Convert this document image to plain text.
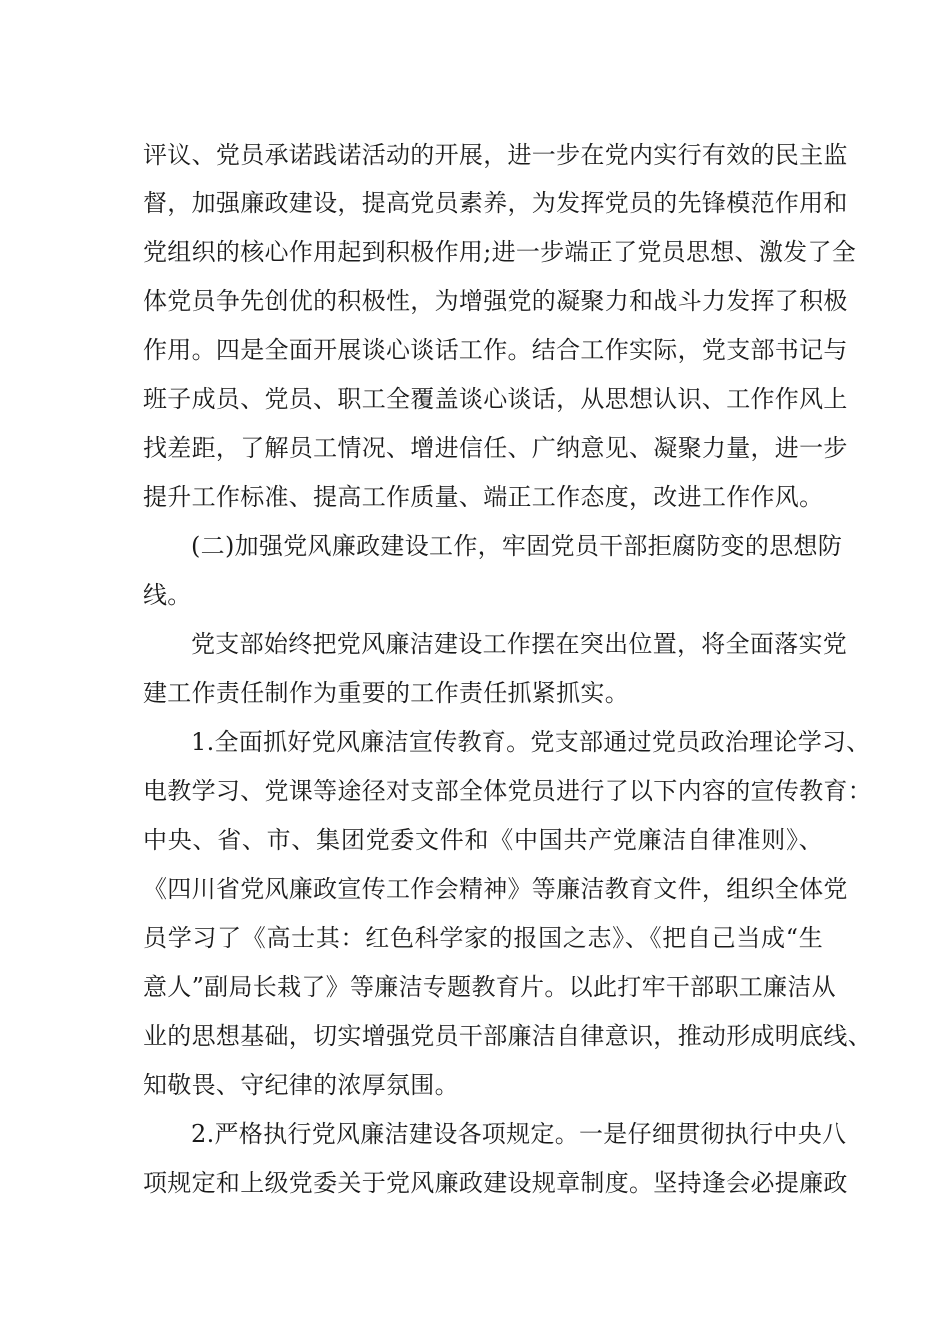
评议、党员承诺践诺活动的开展，进一步在党内实行有效的民主监
督，加强廉政建设，提高党员素养，为发挥党员的先锋模范作用和
党组织的核心作用起到积极作用;进一步端正了党员思想、激发了全
体党员争先创优的积极性，为增强党的凝聚力和战斗力发挥了积极
作用。四是全面开展谈心谈话工作。结合工作实际，党支部书记与
班子成员、党员、职工全覆盖谈心谈话，从思想认识、工作作风上
找差距，了解员工情况、增进信任、广纳意见、凝聚力量，进一步
提升工作标准、提高工作质量、端正工作态度，改进工作作风。
(二)加强党风廉政建设工作，牢固党员干部拒腐防变的思想防
线。
党支部始终把党风廉洁建设工作摆在突出位置，将全面落实党
建工作责任制作为重要的工作责任抓紧抓实。
1.全面抓好党风廉洁宣传教育。党支部通过党员政治理论学习、
电教学习、党课等途径对支部全体党员进行了以下内容的宣传教育：
中央、省、市、集团党委文件和《中国共产党廉洁自律准则》、
《四川省党风廉政宣传工作会精神》等廉洁教育文件，组织全体党
员学习了《高士其：红色科学家的报国之志》、《把自己当成“生
意人”副局长栽了》等廉洁专题教育片。以此打牢干部职工廉洁从
业的思想基础，切实增强党员干部廉洁自律意识，推动形成明底线、
知敬畏、守纪律的浓厚氛围。
2.严格执行党风廉洁建设各项规定。一是仔细贯彻执行中央八
项规定和上级党委关于党风廉政建设规章制度。坚持逢会必提廉政
